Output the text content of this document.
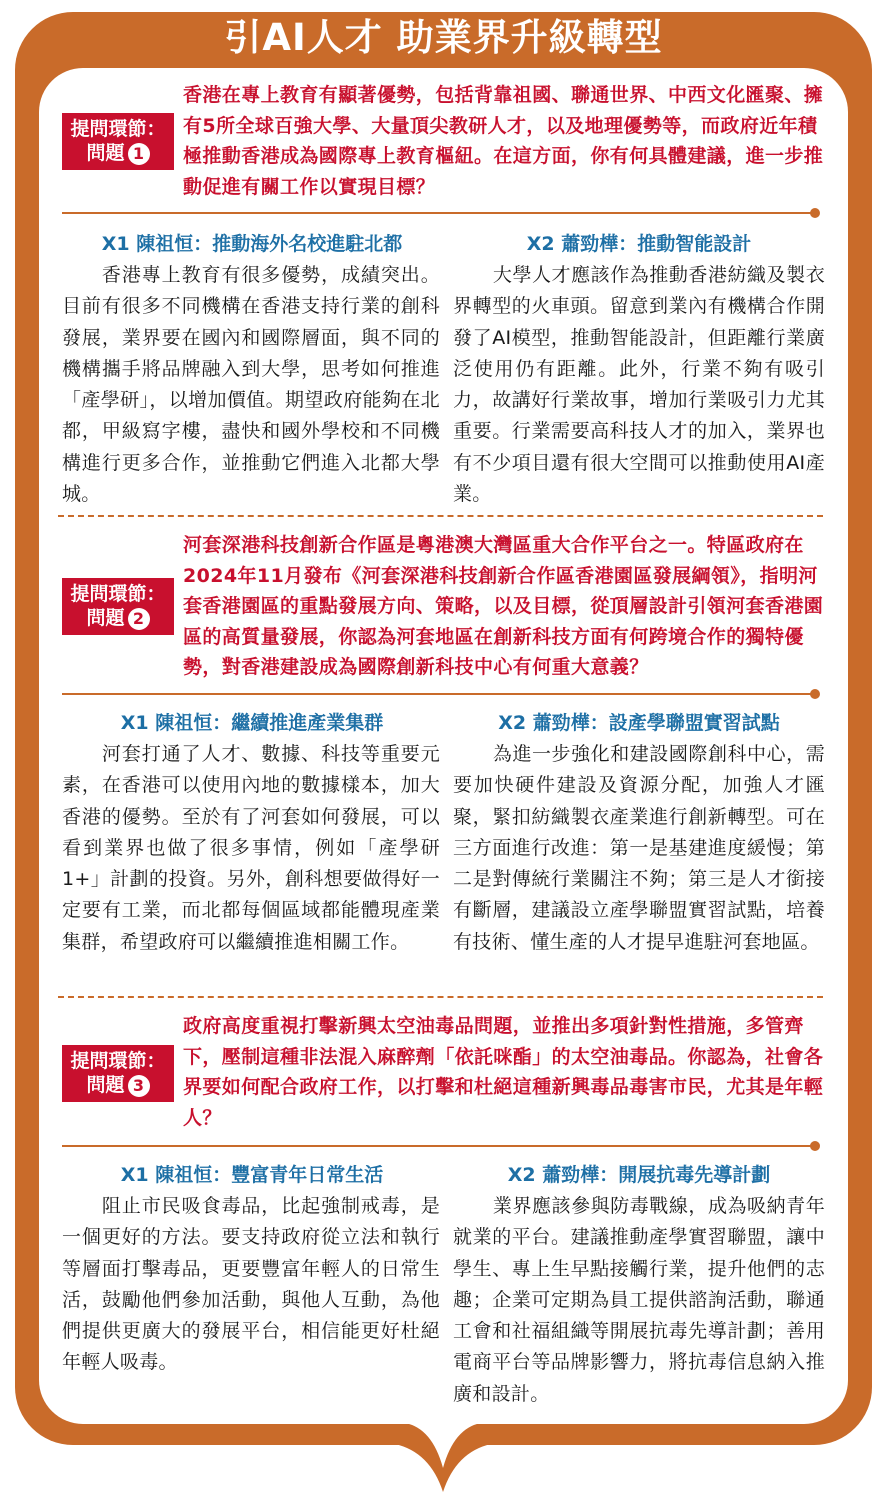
引AI人才 助業界升級轉型
提問環節：
問題 1
香港在專上教育有顯著優勢，包括背靠祖國、聯通世界、中西文化匯聚、擁有5所全球百強大學、大量頂尖教研人才，以及地理優勢等，而政府近年積極推動香港成為國際專上教育樞紐。在這方面，你有何具體建議，進一步推動促進有關工作以實現目標？
X1 陳祖恒：推動海外名校進駐北都
香港專上教育有很多優勢，成績突出。目前有很多不同機構在香港支持行業的創科發展，業界要在國內和國際層面，與不同的機構攜手將品牌融入到大學，思考如何推進「產學研」，以增加價值。期望政府能夠在北都，甲級寫字樓，盡快和國外學校和不同機構進行更多合作，並推動它們進入北都大學城。
X2 蕭勁樺：推動智能設計
大學人才應該作為推動香港紡織及製衣界轉型的火車頭。留意到業內有機構合作開發了AI模型，推動智能設計，但距離行業廣泛使用仍有距離。此外，行業不夠有吸引力，故講好行業故事，增加行業吸引力尤其重要。行業需要高科技人才的加入，業界也有不少項目還有很大空間可以推動使用AI產業。
提問環節：
問題 2
河套深港科技創新合作區是粵港澳大灣區重大合作平台之一。特區政府在2024年11月發布《河套深港科技創新合作區香港園區發展綱領》，指明河套香港園區的重點發展方向、策略，以及目標，從頂層設計引領河套香港園區的高質量發展，你認為河套地區在創新科技方面有何跨境合作的獨特優勢，對香港建設成為國際創新科技中心有何重大意義？
X1 陳祖恒：繼續推進產業集群
河套打通了人才、數據、科技等重要元素，在香港可以使用內地的數據樣本，加大香港的優勢。至於有了河套如何發展，可以看到業界也做了很多事情，例如「產學研1+」計劃的投資。另外，創科想要做得好一定要有工業，而北都每個區域都能體現產業集群，希望政府可以繼續推進相關工作。
X2 蕭勁樺：設產學聯盟實習試點
為進一步強化和建設國際創科中心，需要加快硬件建設及資源分配，加強人才匯聚，緊扣紡織製衣產業進行創新轉型。可在三方面進行改進：第一是基建進度緩慢；第二是對傳統行業關注不夠；第三是人才銜接有斷層，建議設立產學聯盟實習試點，培養有技術、懂生產的人才提早進駐河套地區。
提問環節：
問題 3
政府高度重視打擊新興太空油毒品問題，並推出多項針對性措施，多管齊下，壓制這種非法混入麻醉劑「依託咪酯」的太空油毒品。你認為，社會各界要如何配合政府工作，以打擊和杜絕這種新興毒品毒害市民，尤其是年輕人？
X1 陳祖恒：豐富青年日常生活
阻止市民吸食毒品，比起強制戒毒，是一個更好的方法。要支持政府從立法和執行等層面打擊毒品，更要豐富年輕人的日常生活，鼓勵他們參加活動，與他人互動，為他們提供更廣大的發展平台，相信能更好杜絕年輕人吸毒。
X2 蕭勁樺：開展抗毒先導計劃
業界應該參與防毒戰線，成為吸納青年就業的平台。建議推動產學實習聯盟，讓中學生、專上生早點接觸行業，提升他們的志趣；企業可定期為員工提供諮詢活動，聯通工會和社福組織等開展抗毒先導計劃；善用電商平台等品牌影響力，將抗毒信息納入推廣和設計。
